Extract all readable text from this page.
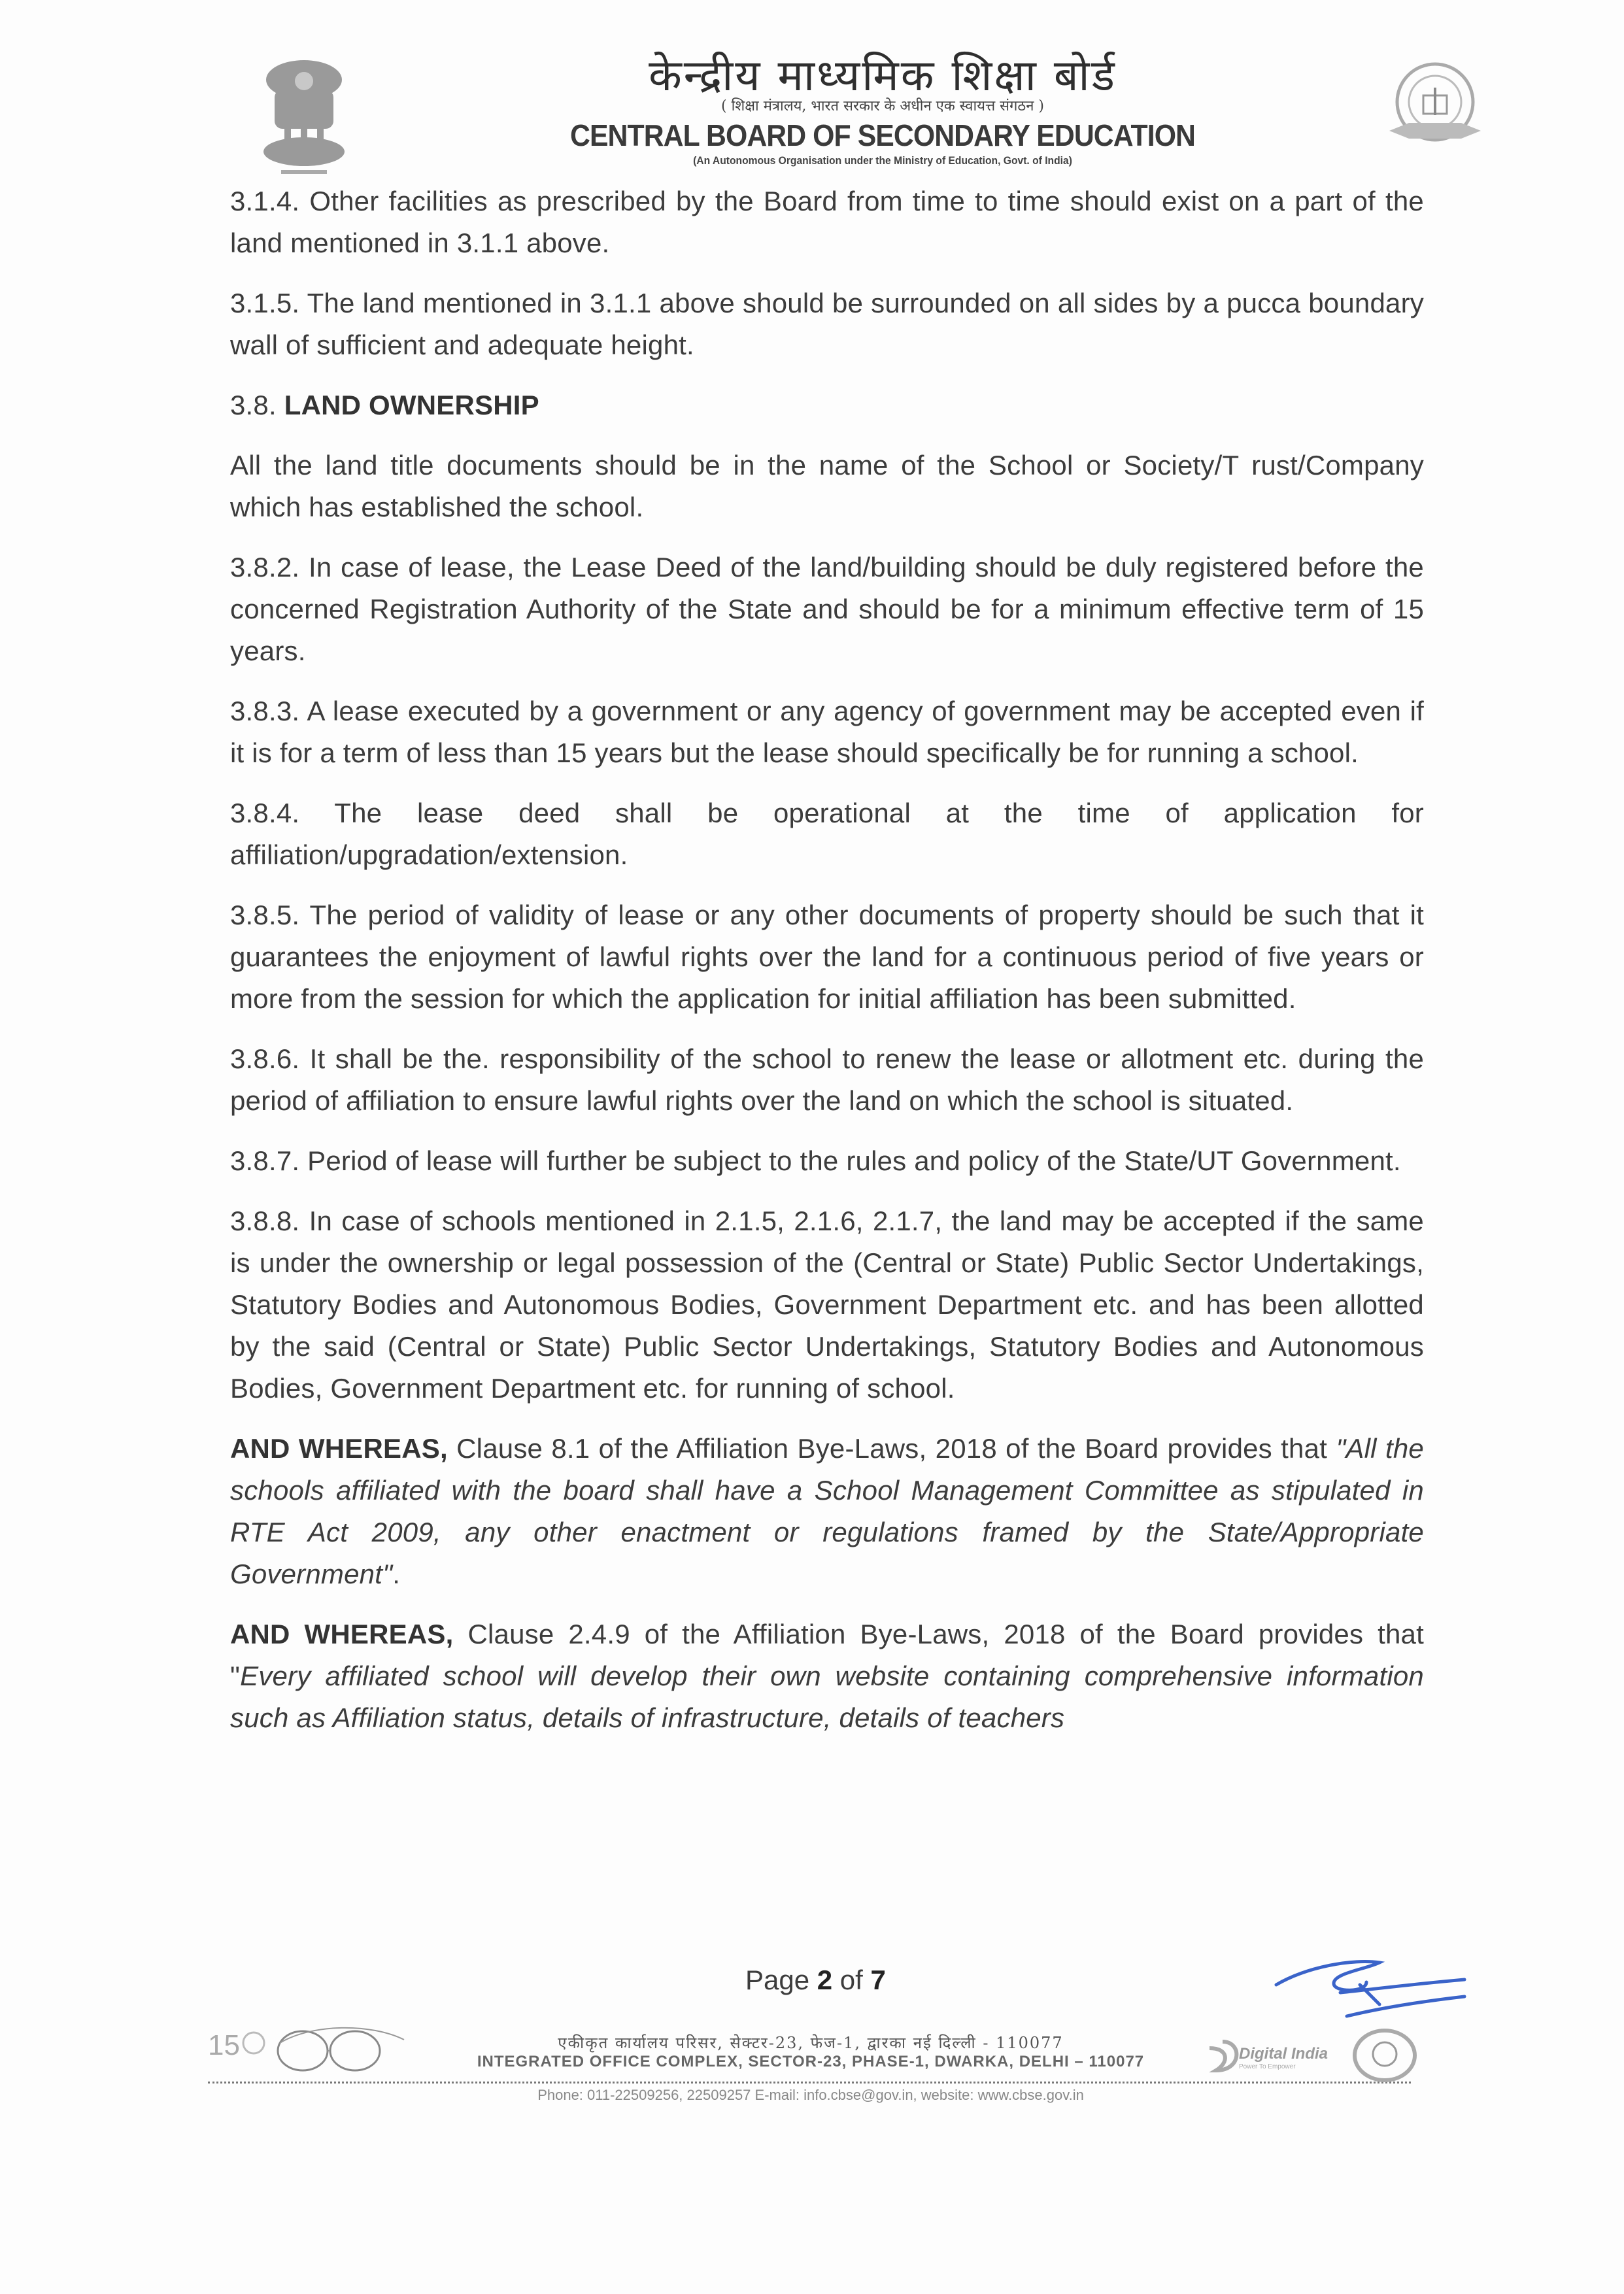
केन्द्रीय माध्यमिक शिक्षा बोर्ड
( शिक्षा मंत्रालय, भारत सरकार के अधीन एक स्वायत्त संगठन )
CENTRAL BOARD OF SECONDARY EDUCATION
(An Autonomous Organisation under the Ministry of Education, Govt. of India)

3.1.4. Other facilities as prescribed by the Board from time to time should exist on a part of the land mentioned in 3.1.1 above.

3.1.5. The land mentioned in 3.1.1 above should be surrounded on all sides by a pucca boundary wall of sufficient and adequate height.

3.8. LAND OWNERSHIP

All the land title documents should be in the name of the School or Society/T rust/Company which has established the school.

3.8.2. In case of lease, the Lease Deed of the land/building should be duly registered before the concerned Registration Authority of the State and should be for a minimum effective term of 15 years.

3.8.3. A lease executed by a government or any agency of government may be accepted even if it is for a term of less than 15 years but the lease should specifically be for running a school.

3.8.4. The lease deed shall be operational at the time of application for affiliation/upgradation/extension.

3.8.5. The period of validity of lease or any other documents of property should be such that it guarantees the enjoyment of lawful rights over the land for a continuous period of five years or more from the session for which the application for initial affiliation has been submitted.

3.8.6. It shall be the. responsibility of the school to renew the lease or allotment etc. during the period of affiliation to ensure lawful rights over the land on which the school is situated.

3.8.7. Period of lease will further be subject to the rules and policy of the State/UT Government.

3.8.8. In case of schools mentioned in 2.1.5, 2.1.6, 2.1.7, the land may be accepted if the same is under the ownership or legal possession of the (Central or State) Public Sector Undertakings, Statutory Bodies and Autonomous Bodies, Government Department etc. and has been allotted by the said (Central or State) Public Sector Undertakings, Statutory Bodies and Autonomous Bodies, Government Department etc. for running of school.

AND WHEREAS, Clause 8.1 of the Affiliation Bye-Laws, 2018 of the Board provides that "All the schools affiliated with the board shall have a School Management Committee as stipulated in RTE Act 2009, any other enactment or regulations framed by the State/Appropriate Government".

AND WHEREAS, Clause 2.4.9 of the Affiliation Bye-Laws, 2018 of the Board provides that "Every affiliated school will develop their own website containing comprehensive information such as Affiliation status, details of infrastructure, details of teachers

Page 2 of 7
15	एकीकृत कार्यालय परिसर, सेक्टर-23, फेज-1, द्वारका नई दिल्ली - 110077
INTEGRATED OFFICE COMPLEX, SECTOR-23, PHASE-1, DWARKA, DELHI – 110077
Phone: 011-22509256, 22509257 E-mail: info.cbse@gov.in, website: www.cbse.gov.in
Digital India
Power To Empower
